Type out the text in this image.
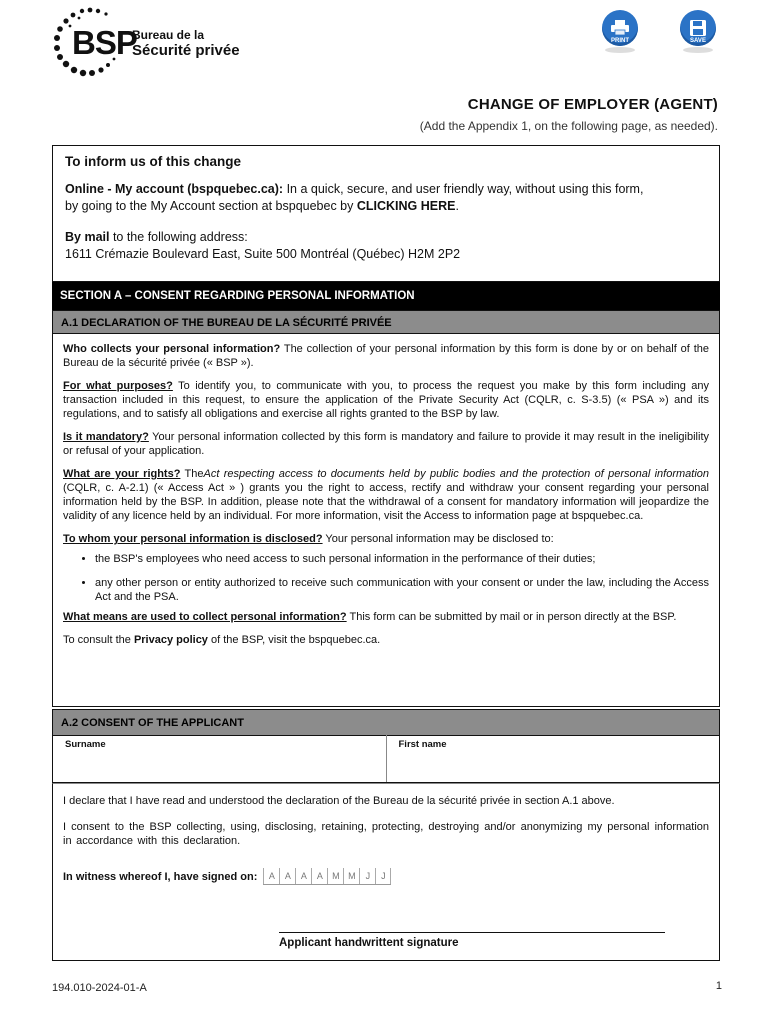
BSP
Bureau de la
Sécurité privée
PRINT	SAVE
CHANGE OF EMPLOYER (AGENT)
(Add the Appendix 1, on the following page, as needed).
To inform us of this change

Online - My account (bspquebec.ca): In a quick, secure, and user friendly way, without using this form,

by going to the My Account section at bspquebec by CLICKING HERE.

By mail to the following address:

1611 Crémazie Boulevard East, Suite 500 Montréal (Québec) H2M 2P2

SECTION A – CONSENT REGARDING PERSONAL INFORMATION
A.1 DECLARATION OF THE BUREAU DE LA SÉCURITÉ PRIVÉE

Who collects your personal information? The collection of your personal information by this form is done by or on behalf of the Bureau de la sécurité privée (« BSP »).

For what purposes? To identify you, to communicate with you, to process the request you make by this form including any transaction included in this request, to ensure the application of the Private Security Act (CQLR, c. S-3.5) (« PSA ») and its regulations, and to satisfy all obligations and exercise all rights granted to the BSP by law.

Is it mandatory? Your personal information collected by this form is mandatory and failure to provide it may result in the ineligibility or refusal of your application.

What are your rights? TheAct respecting access to documents held by public bodies and the protection of personal information (CQLR, c. A-2.1) (« Access Act » ) grants you the right to access, rectify and withdraw your consent regarding your personal information held by the BSP. In addition, please note that the withdrawal of a consent for mandatory information will jeopardize the validity of any licence held by an individual. For more information, visit the Access to information page at bspquebec.ca.

To whom your personal information is disclosed? Your personal information may be disclosed to:

• the BSP's employees who need access to such personal information in the performance of their duties;
• any other person or entity authorized to receive such communication with your consent or under the law, including the Access Act and the PSA.

What means are used to collect personal information? This form can be submitted by mail or in person directly at the BSP.

To consult the Privacy policy of the BSP, visit the bspquebec.ca.

A.2 CONSENT OF THE APPLICANT
Surname	First name

I declare that I have read and understood the declaration of the Bureau de la sécurité privée in section A.1 above.

I consent to the BSP collecting, using, disclosing, retaining, protecting, destroying and/or anonymizing my personal information in accordance with this declaration.

In witness whereof I, have signed on:	A	A	A	A	M M	J	J
Applicant handwrittent signature
194.010-2024-01-A	1
